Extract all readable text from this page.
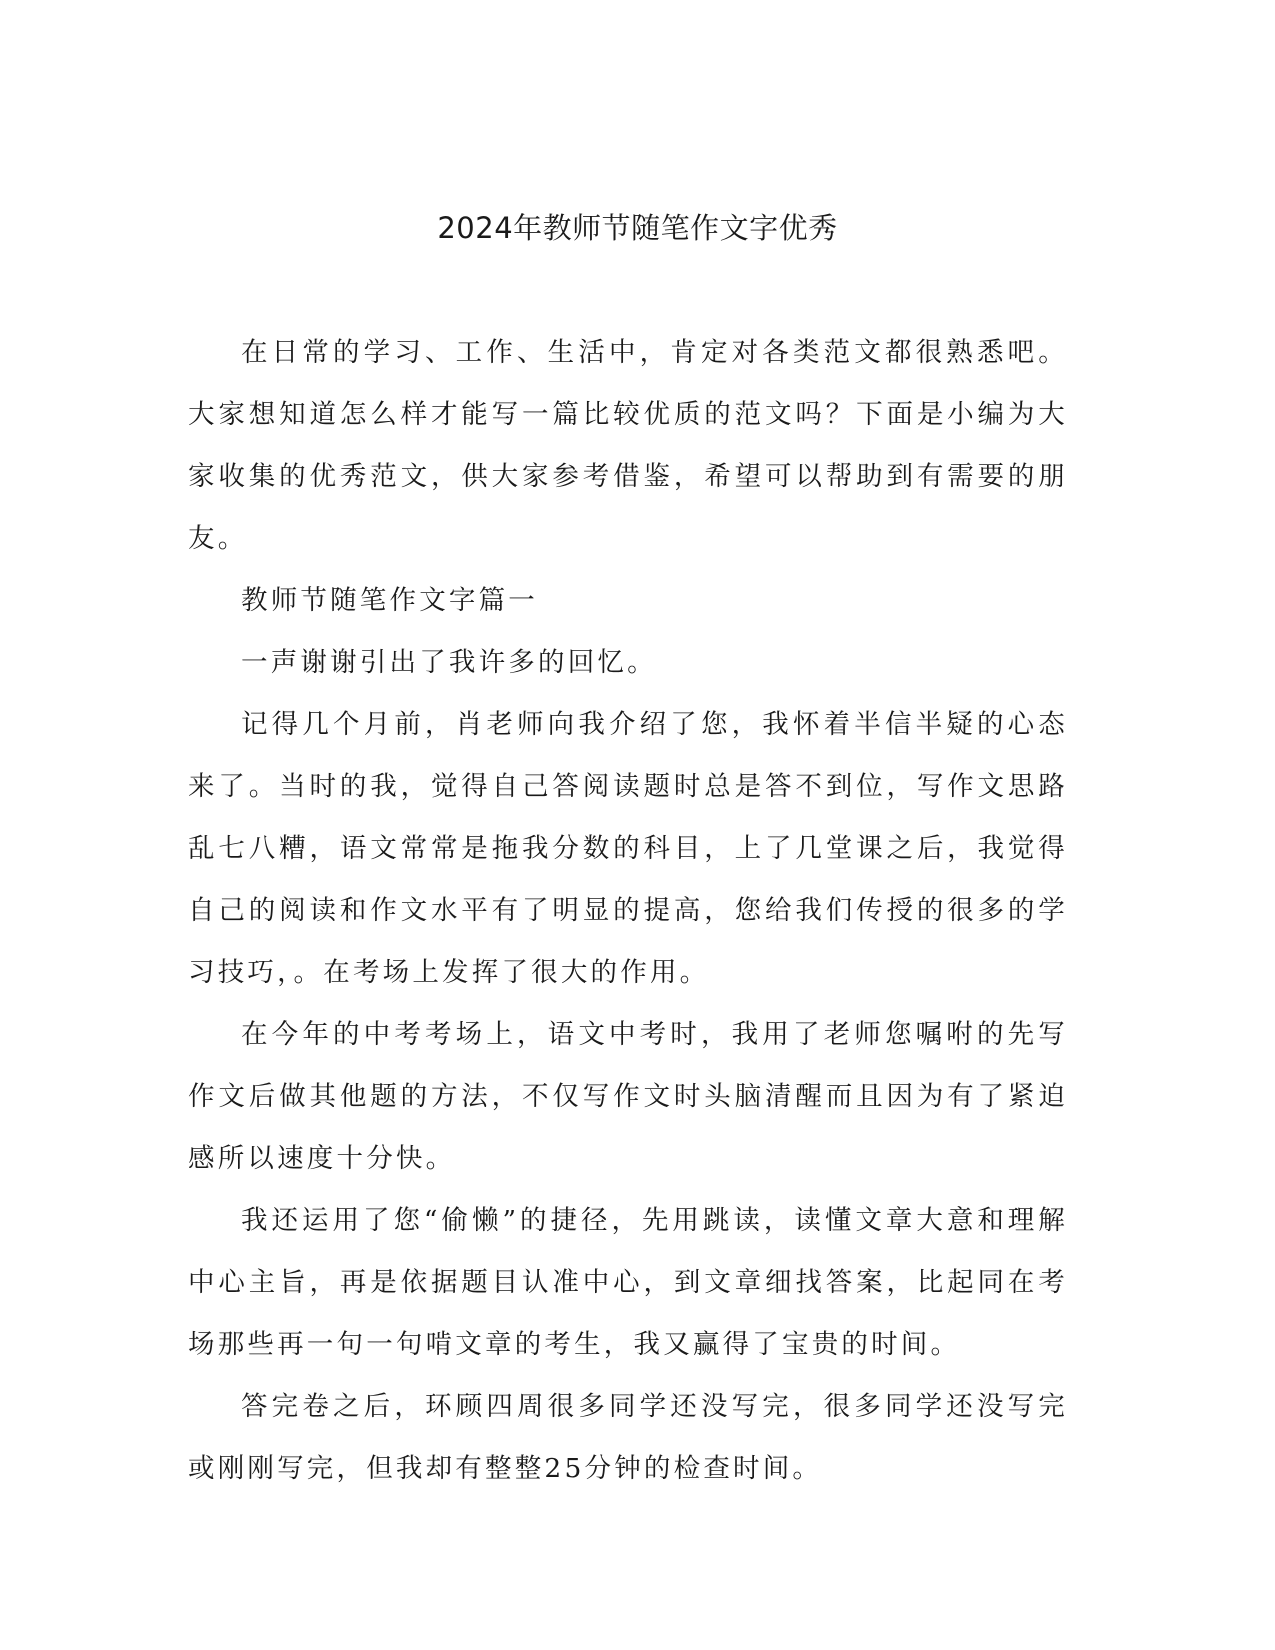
2024年教师节随笔作文字优秀

在日常的学习、工作、生活中，肯定对各类范文都很熟悉吧。大家想知道怎么样才能写一篇比较优质的范文吗？下面是小编为大家收集的优秀范文，供大家参考借鉴，希望可以帮助到有需要的朋友。

教师节随笔作文字篇一

一声谢谢引出了我许多的回忆。

记得几个月前，肖老师向我介绍了您，我怀着半信半疑的心态来了。当时的我，觉得自己答阅读题时总是答不到位，写作文思路乱七八糟，语文常常是拖我分数的科目，上了几堂课之后，我觉得自己的阅读和作文水平有了明显的提高，您给我们传授的很多的学习技巧，。在考场上发挥了很大的作用。

在今年的中考考场上，语文中考时，我用了老师您嘱咐的先写作文后做其他题的方法，不仅写作文时头脑清醒而且因为有了紧迫感所以速度十分快。

我还运用了您“偷懒”的捷径，先用跳读，读懂文章大意和理解中心主旨，再是依据题目认准中心，到文章细找答案，比起同在考场那些再一句一句啃文章的考生，我又赢得了宝贵的时间。

答完卷之后，环顾四周很多同学还没写完，很多同学还没写完或刚刚写完，但我却有整整25分钟的检查时间。
